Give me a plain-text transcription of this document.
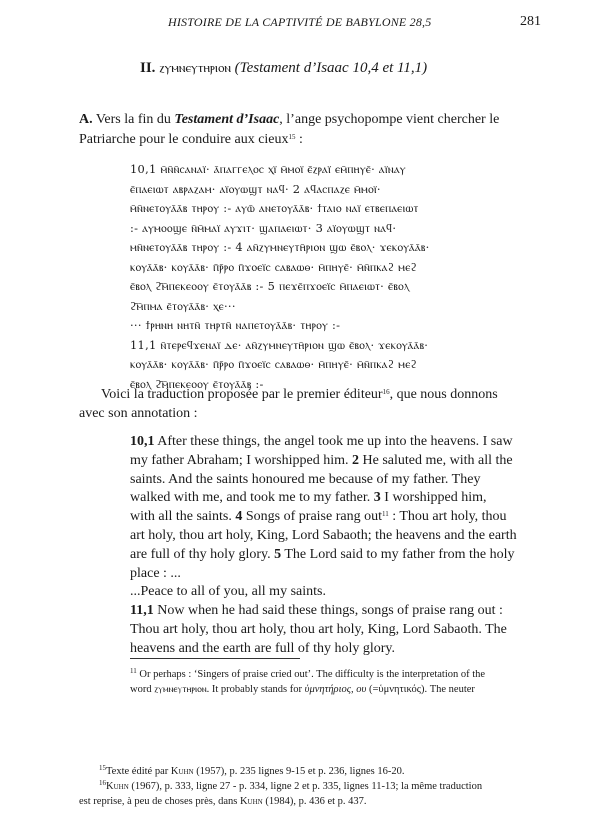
HISTOIRE DE LA CAPTIVITÉ DE BABYLONE 28,5	281
II. ⲍⲩⲙⲛⲉⲩⲧⲏⲣⲓⲟⲛ (Testament d’Isaac 10,4 et 11,1)
A. Vers la fin du Testament d’Isaac, l’ange psychopompe vient chercher le
Patriarche pour le conduire aux cieux$^{15}$ :
10,1 ⲙ̄ⲛ̄ⲛ̄ⲥⲁⲛⲁⲓ̈· ⲁ̄ⲡⲁⲅⲅⲉⲗⲟⲥ ⲭⲓ̈ ⲙ̄ⲙⲟⲓ̈ ⲉ̄ⲍⲣⲁⲓ̈ ⲉⲙ̄ⲡⲏⲩⲉ̄· ⲁⲓ̈ⲛⲁⲩ
ⲉ̄ⲡⲁⲉⲓⲱⲧ ⲁⲃⲣⲁⲍⲁⲙ· ⲁⲓ̈ⲟⲩⲱϣⲧ ⲛⲁϥ· 2 ⲁϥⲁⲥⲡⲁⲍⲉ ⲙ̄ⲙⲟⲓ̈·
ⲙ̄ⲛ̄ⲛⲉⲧⲟⲩⲁ̄ⲁ̄ⲃ ⲧⲏⲣⲟⲩ :- ⲁⲩⲱ̄ ⲁⲛⲉⲧⲟⲩⲁ̄ⲁ̄ⲃ· ϯⲧⲁⲓⲟ ⲛⲁⲓ̈ ⲉⲧⲃⲉⲡⲁⲉⲓⲱⲧ
:- ⲁⲩⲙⲟⲟϣⲉ ⲛ̄ⲙ̄ⲙⲁⲓ̈ ⲁⲩϫⲓⲧ· ϣⲁⲡⲁⲉⲓⲱⲧ· 3 ⲁⲓ̈ⲟⲩⲱϣⲧ ⲛⲁϥ·
ⲙⲛ̄ⲛⲉⲧⲟⲩⲁ̄ⲁ̄ⲃ ⲧⲏⲣⲟⲩ :- 4 ⲁⲛ̄ⲍⲩⲙⲛⲉⲩⲧⲏ̄ⲣⲓⲟⲛ ϣⲱ ⲉ̄ⲃⲟⲗ· ϫⲉⲕⲟⲩⲁ̄ⲁ̄ⲃ·
ⲕⲟⲩⲁ̄ⲁ̄ⲃ· ⲕⲟⲩⲁ̄ⲁ̄ⲃ· ⲡ̄ⲣ̄ⲣⲟ ⲡ̄ϫⲟⲉⲓ̈ⲥ ⲥⲁⲃⲁⲱⲑ· ⲙ̄ⲡⲏⲩⲉ̄· ⲙ̄ⲛ̄ⲡⲕⲁϩ ⲙⲉϩ
ⲉ̄ⲃⲟⲗ ϩ̄ⲙ̄ⲡⲉⲕⲉⲟⲟⲩ ⲉ̄ⲧⲟⲩⲁ̄ⲁ̄ⲃ :- 5 ⲡⲉϫⲉ̄ⲡϫⲟⲉⲓ̈ⲥ ⲙ̄ⲡⲁⲉⲓⲱⲧ· ⲉ̄ⲃⲟⲗ
ϩ̄ⲙ̄ⲡⲙⲁ ⲉ̄ⲧⲟⲩⲁ̄ⲁ̄ⲃ· ⲭⲉ···
··· ϯⲣⲏⲛⲏ ⲛⲏⲧⲛ̄ ⲧⲏⲣⲧⲛ̄ ⲛⲁⲡⲉⲧⲟⲩⲁ̄ⲁ̄ⲃ· ⲧⲏⲣⲟⲩ :-
11,1 ⲛ̄ⲧⲉⲣⲉϥϫⲉⲛⲁⲓ̈ ⲇⲉ· ⲁⲛ̄ⲍⲩⲙⲛⲉⲩⲧⲏ̄ⲣⲓⲟⲛ ϣⲱ ⲉ̄ⲃⲟⲗ· ϫⲉⲕⲟⲩⲁ̄ⲁ̄ⲃ·
ⲕⲟⲩⲁ̄ⲁ̄ⲃ· ⲕⲟⲩⲁ̄ⲁ̄ⲃ· ⲡ̄ⲣ̄ⲣⲟ ⲡ̄ϫⲟⲉⲓ̈ⲥ ⲥⲁⲃⲁⲱⲑ· ⲙ̄ⲡⲏⲩⲉ̄· ⲙ̄ⲛ̄ⲡⲕⲁϩ ⲙⲉϩ
ⲉ̄ⲃⲟⲗ ϩ̄ⲙ̄ⲡⲉⲕⲉⲟⲟⲩ ⲉ̄ⲧⲟⲩⲁ̄ⲁ̄ⲃ :-
Voici la traduction proposée par le premier éditeur$^{16}$, que nous donnons
avec son annotation :
10,1 After these things, the angel took me up into the heavens. I saw
my father Abraham; I worshipped him. 2 He saluted me, with all the
saints. And the saints honoured me because of my father. They
walked with me, and took me to my father. 3 I worshipped him,
with all the saints. 4 Songs of praise rang out$^{11}$ : Thou art holy, thou
art holy, thou art holy, King, Lord Sabaoth; the heavens and the earth
are full of thy holy glory. 5 The Lord said to my father from the holy
place : ...
...Peace to all of you, all my saints.
11,1 Now when he had said these things, songs of praise rang out :
Thou art holy, thou art holy, thou art holy, King, Lord Sabaoth. The
heavens and the earth are full of thy holy glory.
$^{11}$ Or perhaps : ‘Singers of praise cried out’. The difficulty is the interpretation of the
word ⲍⲩⲙⲛⲉⲩⲧⲏⲣⲓⲟⲛ. It probably stands for ὑμνητήριος, ου (=ὑμνητικός). The neuter
$^{15}$Texte édité par Kuhn (1957), p. 235 lignes 9-15 et p. 236, lignes 16-20.
$^{16}$Kuhn (1967), p. 333, ligne 27 - p. 334, ligne 2 et p. 335, lignes 11-13; la même traduction
est reprise, à peu de choses près, dans Kuhn (1984), p. 436 et p. 437.
